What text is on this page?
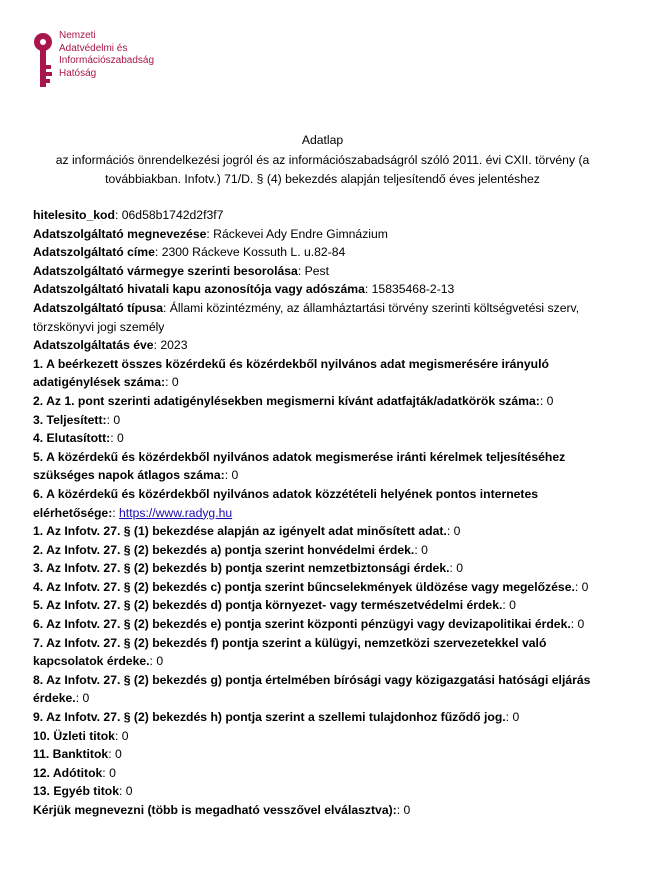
Nemzeti
Adatvédelmi és
Információszabadság
Hatóság
Adatlap
az információs önrendelkezési jogról és az információszabadságról szóló 2011. évi CXII. törvény (a továbbiakban. Infotv.) 71/D. § (4) bekezdés alapján teljesítendő éves jelentéshez
hitelesito_kod: 06d58b1742d2f3f7
Adatszolgáltató megnevezése: Ráckevei Ady Endre Gimnázium
Adatszolgáltató címe: 2300 Ráckeve Kossuth L. u.82-84
Adatszolgáltató vármegye szerinti besorolása: Pest
Adatszolgáltató hivatali kapu azonosítója vagy adószáma: 15835468-2-13
Adatszolgáltató típusa: Állami közintézmény, az államháztartási törvény szerinti költségvetési szerv, törzskönyvi jogi személy
Adatszolgáltatás éve: 2023
1. A beérkezett összes közérdekű és közérdekből nyilvános adat megismerésére irányuló adatigénylések száma:: 0
2. Az 1. pont szerinti adatigénylésekben megismerni kívánt adatfajták/adatkörök száma:: 0
3. Teljesített:: 0
4. Elutasított:: 0
5. A közérdekű és közérdekből nyilvános adatok megismerése iránti kérelmek teljesítéséhez szükséges napok átlagos száma:: 0
6. A közérdekű és közérdekből nyilvános adatok közzétételi helyének pontos internetes elérhetősége:: https://www.radyg.hu
1. Az Infotv. 27. § (1) bekezdése alapján az igényelt adat minősített adat.: 0
2. Az Infotv. 27. § (2) bekezdés a) pontja szerint honvédelmi érdek.: 0
3. Az Infotv. 27. § (2) bekezdés b) pontja szerint nemzetbiztonsági érdek.: 0
4. Az Infotv. 27. § (2) bekezdés c) pontja szerint bűncselekmények üldözése vagy megelőzése.: 0
5. Az Infotv. 27. § (2) bekezdés d) pontja környezet- vagy természetvédelmi érdek.: 0
6. Az Infotv. 27. § (2) bekezdés e) pontja szerint központi pénzügyi vagy devizapolitikai érdek.: 0
7. Az Infotv. 27. § (2) bekezdés f) pontja szerint a külügyi, nemzetközi szervezetekkel való kapcsolatok érdeke.: 0
8. Az Infotv. 27. § (2) bekezdés g) pontja értelmében bírósági vagy közigazgatási hatósági eljárás érdeke.: 0
9. Az Infotv. 27. § (2) bekezdés h) pontja szerint a szellemi tulajdonhoz fűződő jog.: 0
10. Üzleti titok: 0
11. Banktitok: 0
12. Adótitok: 0
13. Egyéb titok: 0
Kérjük megnevezni (több is megadható vesszővel elválasztva):: 0
